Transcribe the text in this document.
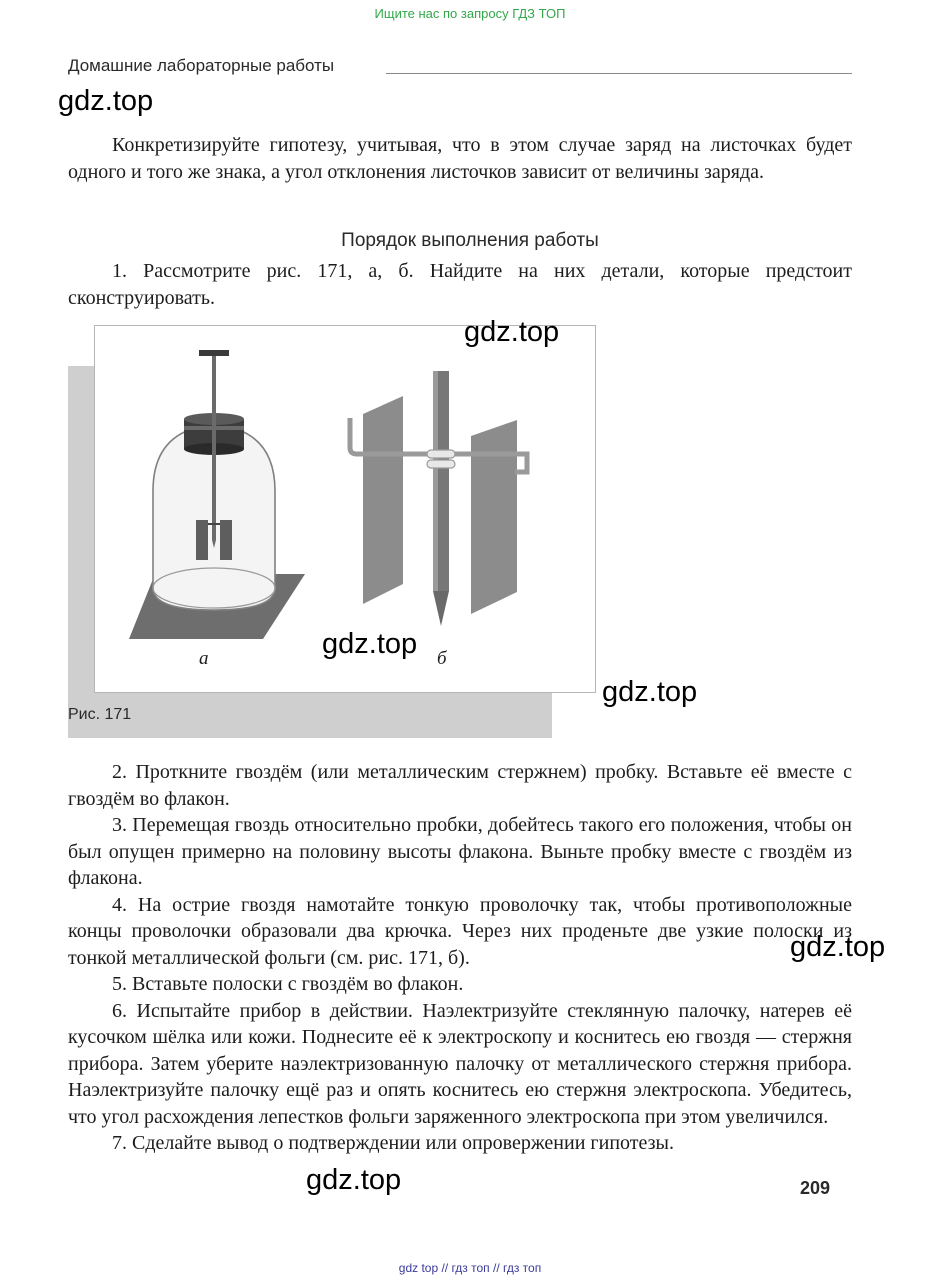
Ищите нас по запросу ГДЗ ТОП
Домашние лабораторные работы
gdz.top

Конкретизируйте гипотезу, учитывая, что в этом случае заряд на листочках будет одного и того же знака, а угол отклонения листочков зависит от величины заряда.

Порядок выполнения работы

1. Рассмотрите рис. 171, а, б. Найдите на них детали, которые предстоит сконструировать.

а	б
Рис. 171
gdz.top
gdz.top
gdz.top

2. Проткните гвоздём (или металлическим стержнем) пробку. Вставьте её вместе с гвоздём во флакон.

3. Перемещая гвоздь относительно пробки, добейтесь такого его положения, чтобы он был опущен примерно на половину высоты флакона. Выньте пробку вместе с гвоздём из флакона.

4. На острие гвоздя намотайте тонкую проволочку так, чтобы противоположные концы проволочки образовали два крючка. Через них проденьте две узкие полоски из тонкой металлической фольги (см. рис. 171, б).

5. Вставьте полоски с гвоздём во флакон.

6. Испытайте прибор в действии. Наэлектризуйте стеклянную палочку, натерев её кусочком шёлка или кожи. Поднесите её к электроскопу и коснитесь ею гвоздя — стержня прибора. Затем уберите наэлектризованную палочку от металлического стержня прибора. Наэлектризуйте палочку ещё раз и опять коснитесь ею стержня электроскопа. Убедитесь, что угол расхождения лепестков фольги заряженного электроскопа при этом увеличился.

7. Сделайте вывод о подтверждении или опровержении гипотезы.

gdz.top
gdz.top	209
gdz top // гдз топ // гдз топ
